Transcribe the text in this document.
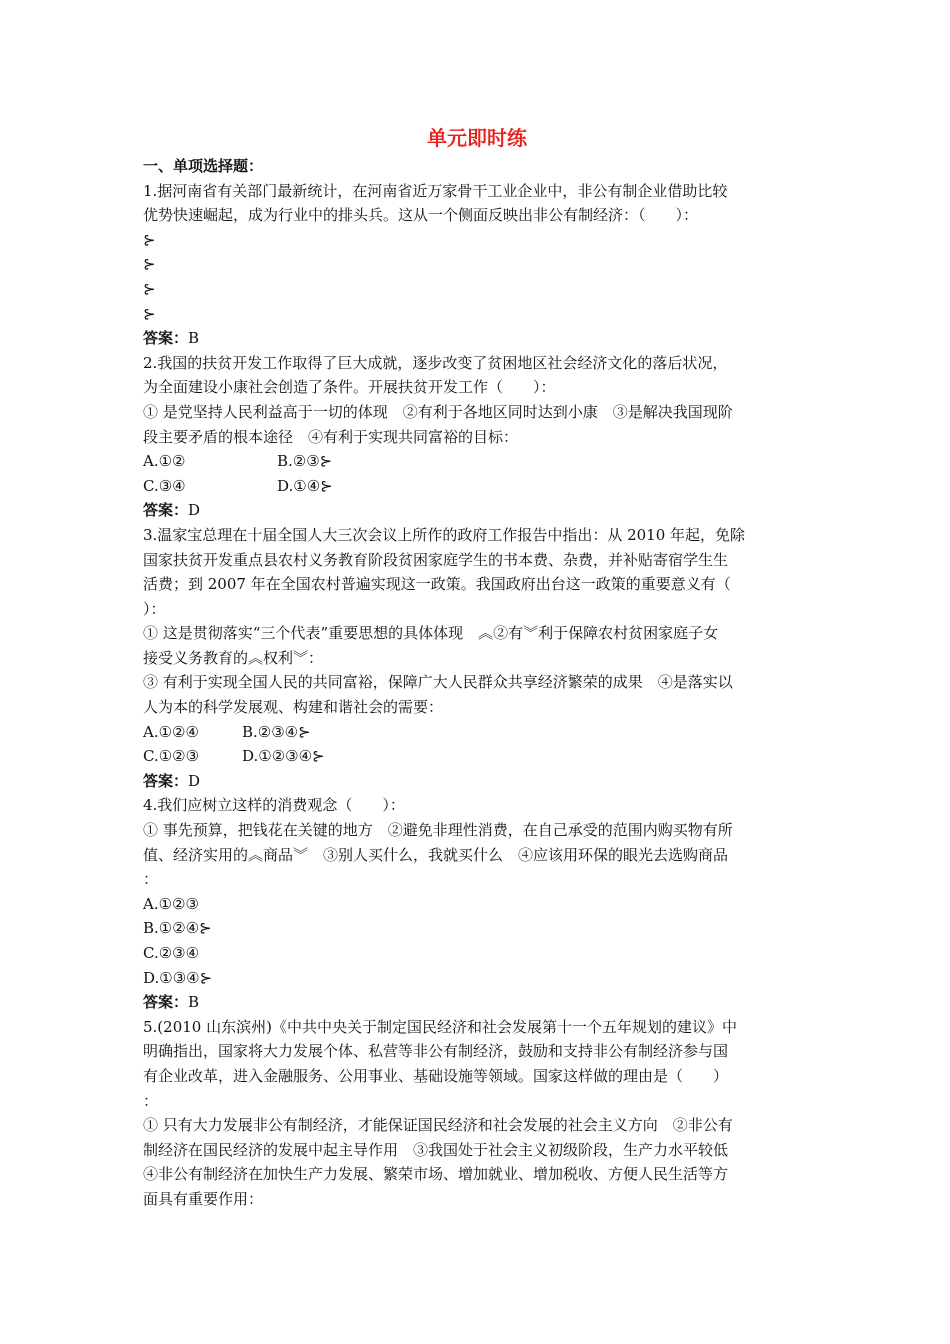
单元即时练
一、单项选择题：
1.据河南省有关部门最新统计，在河南省近万家骨干工业企业中，非公有制企业借助比较
优势快速崛起，成为行业中的排头兵。这从一个侧面反映出非公有制经济：（　　）：
⊱
⊱
⊱
⊱
答案：B
2.我国的扶贫开发工作取得了巨大成就，逐步改变了贫困地区社会经济文化的落后状况，
为全面建设小康社会创造了条件。开展扶贫开发工作（　　）：
① 是党坚持人民利益高于一切的体现　②有利于各地区同时达到小康　③是解决我国现阶
段主要矛盾的根本途径　④有利于实现共同富裕的目标：
A.①②	B.②③⊱
C.③④	D.①④⊱
答案：D
3.温家宝总理在十届全国人大三次会议上所作的政府工作报告中指出：从 2010 年起，免除
国家扶贫开发重点县农村义务教育阶段贫困家庭学生的书本费、杂费，并补贴寄宿学生生
活费；到 2007 年在全国农村普遍实现这一政策。我国政府出台这一政策的重要意义有（
）：
① 这是贯彻落实“三个代表”重要思想的具体体现　︽②有︾利于保障农村贫困家庭子女
接受义务教育的︽权利︾：
③ 有利于实现全国人民的共同富裕，保障广大人民群众共享经济繁荣的成果　④是落实以
人为本的科学发展观、构建和谐社会的需要：
A.①②④	B.②③④⊱
C.①②③	D.①②③④⊱
答案：D
4.我们应树立这样的消费观念（　　）：
① 事先预算，把钱花在关键的地方　②避免非理性消费，在自己承受的范围内购买物有所
值、经济实用的︽商品︾　③别人买什么，我就买什么　④应该用环保的眼光去选购商品
：
A.①②③
B.①②④⊱
C.②③④
D.①③④⊱
答案：B
5.(2010 山东滨州)《中共中央关于制定国民经济和社会发展第十一个五年规划的建议》中
明确指出，国家将大力发展个体、私营等非公有制经济，鼓励和支持非公有制经济参与国
有企业改革，进入金融服务、公用事业、基础设施等领域。国家这样做的理由是（　　）
：
① 只有大力发展非公有制经济，才能保证国民经济和社会发展的社会主义方向　②非公有
制经济在国民经济的发展中起主导作用　③我国处于社会主义初级阶段，生产力水平较低
④非公有制经济在加快生产力发展、繁荣市场、增加就业、增加税收、方便人民生活等方
面具有重要作用：
